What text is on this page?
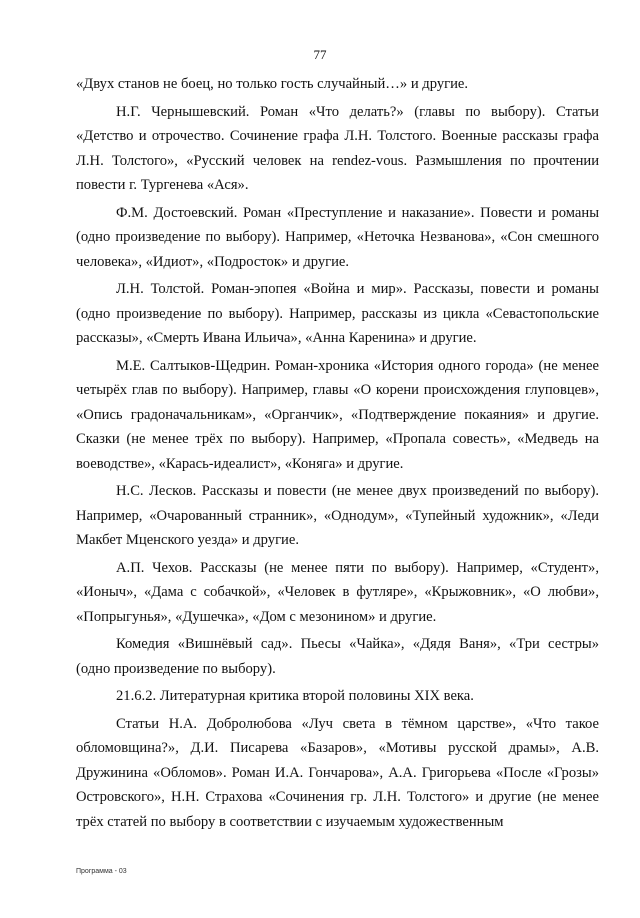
77

«Двух станов не боец, но только гость случайный…» и другие.

Н.Г. Чернышевский. Роман «Что делать?» (главы по выбору). Статьи «Детство и отрочество. Сочинение графа Л.Н. Толстого. Военные рассказы графа Л.Н. Толстого», «Русский человек на rendez-vous. Размышления по прочтении повести г. Тургенева «Ася».

Ф.М. Достоевский. Роман «Преступление и наказание». Повести и романы (одно произведение по выбору). Например, «Неточка Незванова», «Сон смешного человека», «Идиот», «Подросток» и другие.

Л.Н. Толстой. Роман-эпопея «Война и мир». Рассказы, повести и романы (одно произведение по выбору). Например, рассказы из цикла «Севастопольские рассказы», «Смерть Ивана Ильича», «Анна Каренина» и другие.

М.Е. Салтыков-Щедрин. Роман-хроника «История одного города» (не менее четырёх глав по выбору). Например, главы «О корени происхождения глуповцев», «Опись градоначальникам», «Органчик», «Подтверждение покаяния» и другие. Сказки (не менее трёх по выбору). Например, «Пропала совесть», «Медведь на воеводстве», «Карась-идеалист», «Коняга» и другие.

Н.С. Лесков. Рассказы и повести (не менее двух произведений по выбору). Например, «Очарованный странник», «Однодум», «Тупейный художник», «Леди Макбет Мценского уезда» и другие.

А.П. Чехов. Рассказы (не менее пяти по выбору). Например, «Студент», «Ионыч», «Дама с собачкой», «Человек в футляре», «Крыжовник», «О любви», «Попрыгунья», «Душечка», «Дом с мезонином» и другие.

Комедия «Вишнёвый сад». Пьесы «Чайка», «Дядя Ваня», «Три сестры» (одно произведение по выбору).

21.6.2. Литературная критика второй половины XIX века.

Статьи Н.А. Добролюбова «Луч света в тёмном царстве», «Что такое обломовщина?», Д.И. Писарева «Базаров», «Мотивы русской драмы», А.В. Дружинина «Обломов». Роман И.А. Гончарова», А.А. Григорьева «После «Грозы» Островского», Н.Н. Страхова «Сочинения гр. Л.Н. Толстого» и другие (не менее трёх статей по выбору в соответствии с изучаемым художественным

Программа - 03
